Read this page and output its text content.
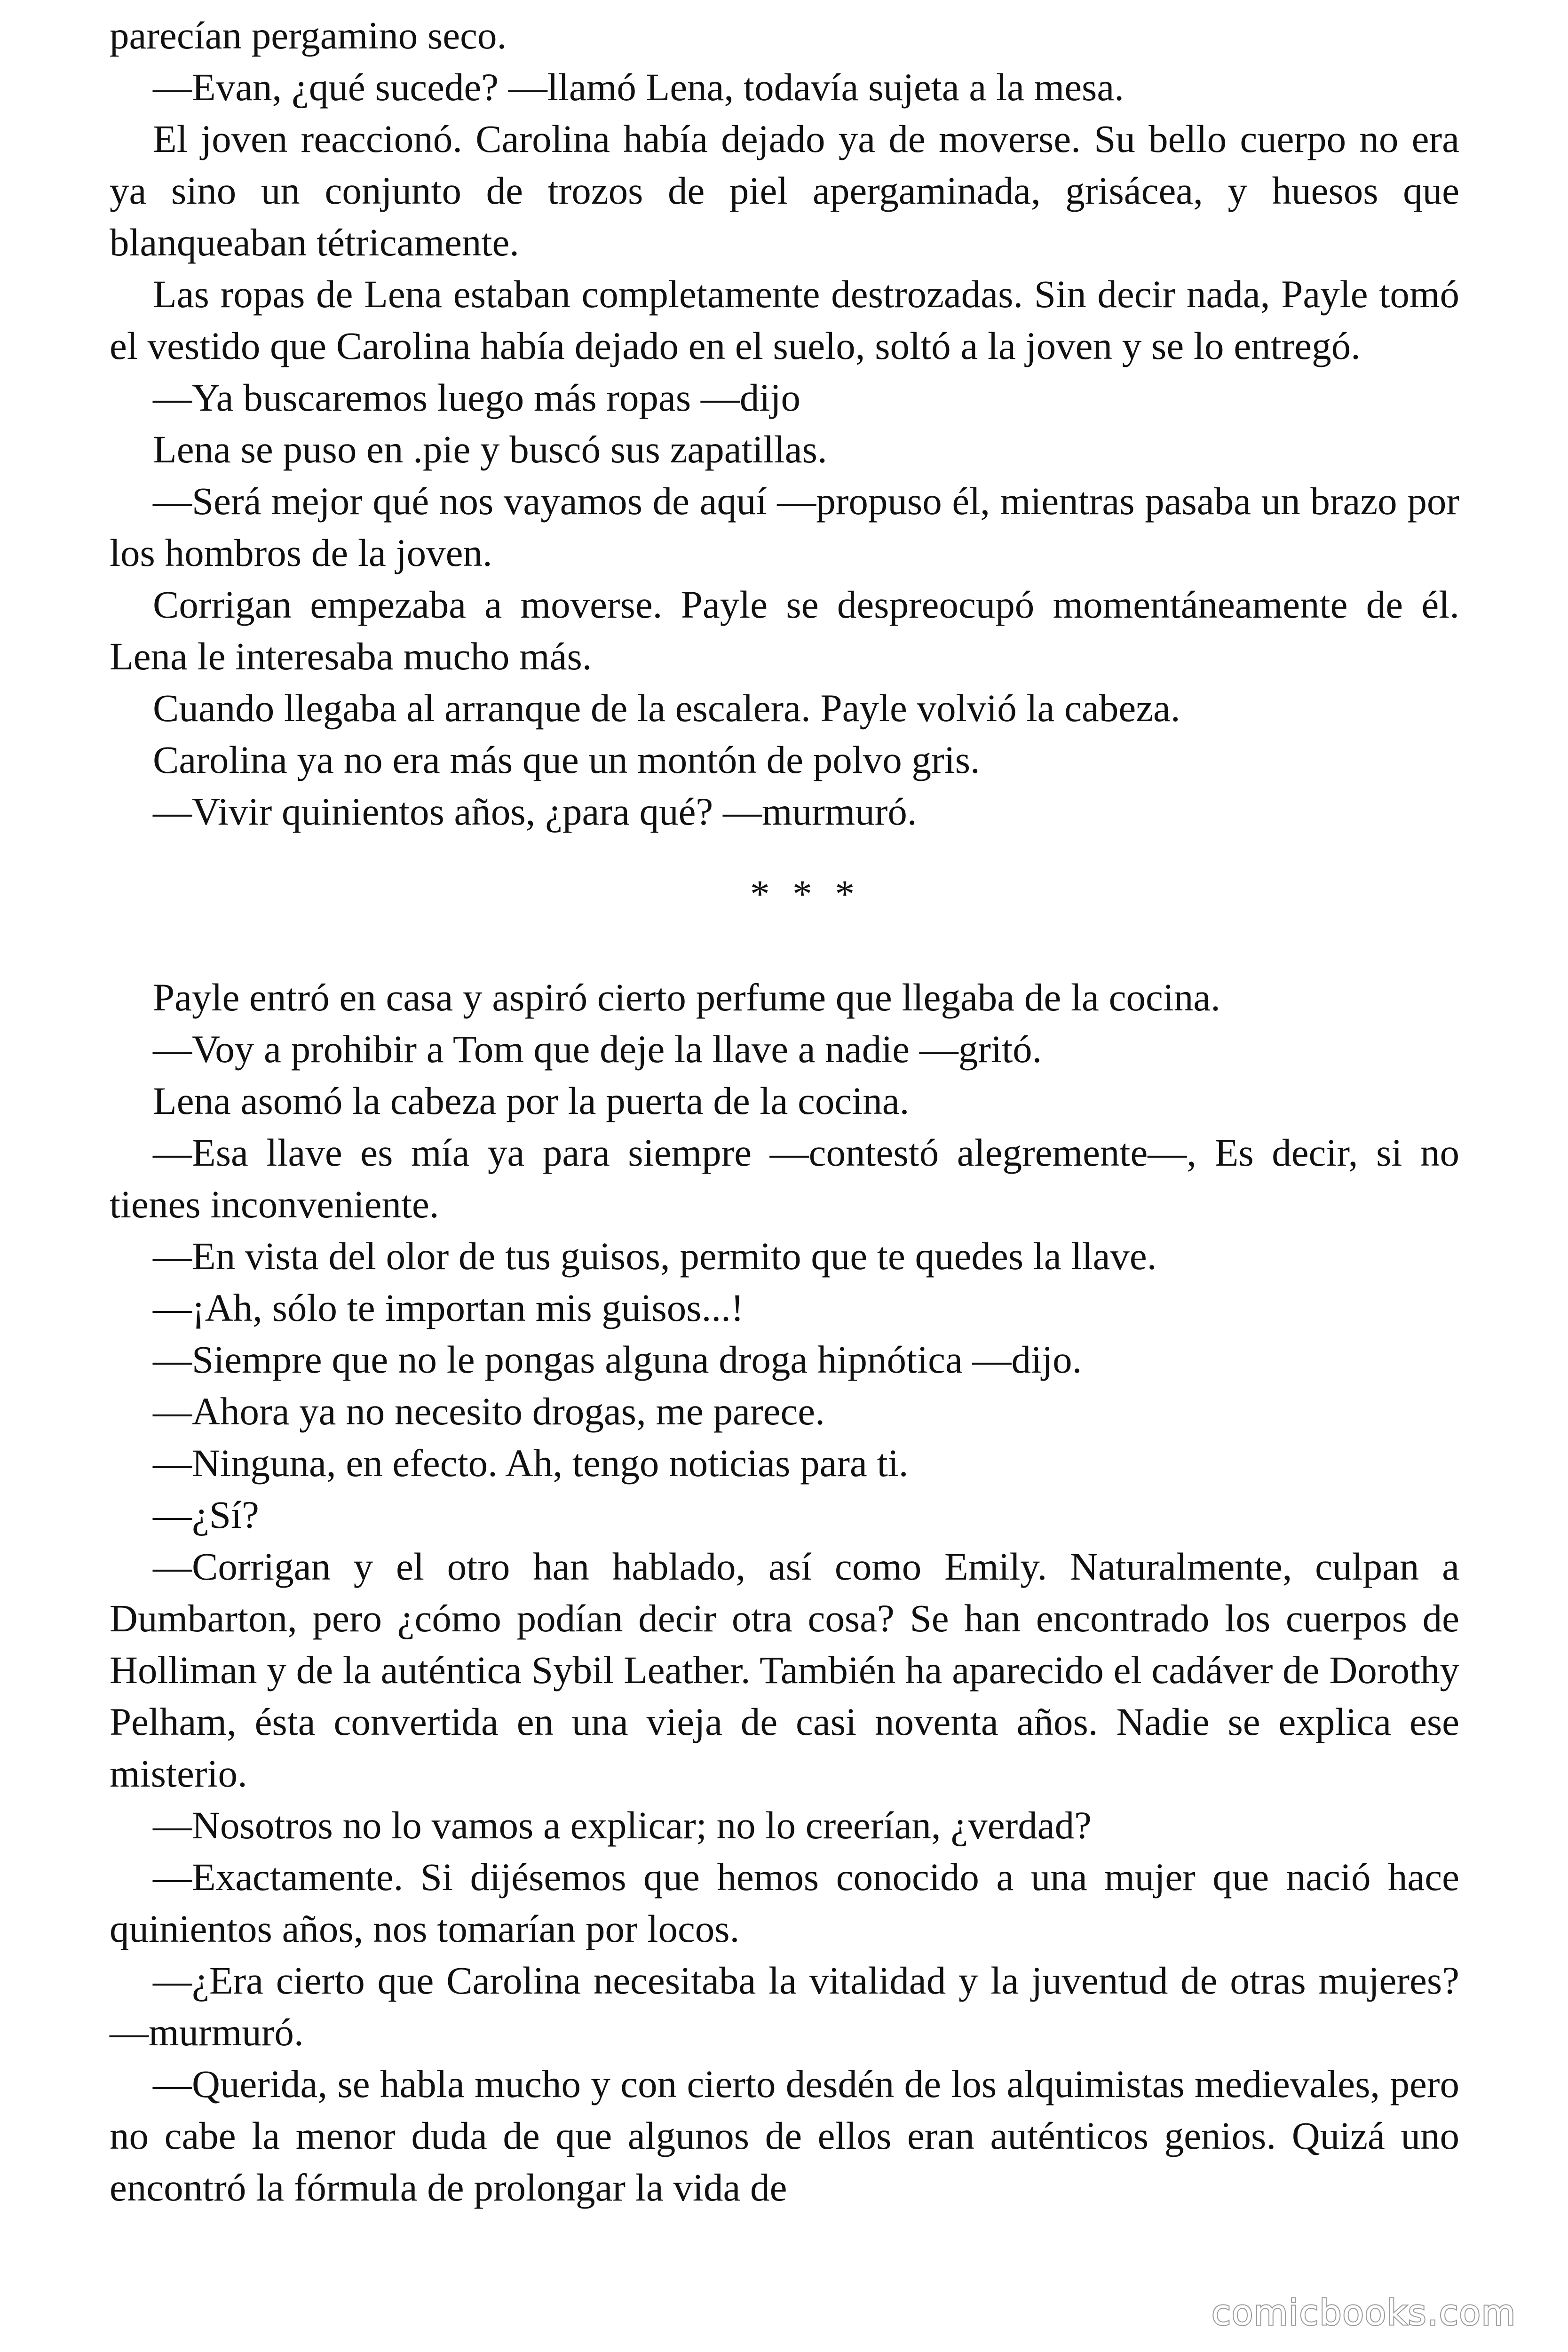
parecían pergamino seco.

—Evan, ¿qué sucede? —llamó Lena, todavía sujeta a la mesa.

El joven reaccionó. Carolina había dejado ya de moverse. Su bello cuerpo no era ya sino un conjunto de trozos de piel apergaminada, grisácea, y huesos que blanqueaban tétricamente.

Las ropas de Lena estaban completamente destrozadas. Sin decir nada, Payle tomó el vestido que Carolina había dejado en el suelo, soltó a la joven y se lo entregó.

—Ya buscaremos luego más ropas —dijo

Lena se puso en .pie y buscó sus zapatillas.

—Será mejor qué nos vayamos de aquí —propuso él, mientras pasaba un brazo por los hombros de la joven.

Corrigan empezaba a moverse. Payle se despreocupó momentáneamente de él. Lena le interesaba mucho más.

Cuando llegaba al arranque de la escalera. Payle volvió la cabeza.

Carolina ya no era más que un montón de polvo gris.

—Vivir quinientos años, ¿para qué? —murmuró.

* * *

Payle entró en casa y aspiró cierto perfume que llegaba de la cocina.

—Voy a prohibir a Tom que deje la llave a nadie —gritó.

Lena asomó la cabeza por la puerta de la cocina.

—Esa llave es mía ya para siempre —contestó alegremente—, Es decir, si no tienes inconveniente.

—En vista del olor de tus guisos, permito que te quedes la llave.

—¡Ah, sólo te importan mis guisos...!

—Siempre que no le pongas alguna droga hipnótica —dijo.

—Ahora ya no necesito drogas, me parece.

—Ninguna, en efecto. Ah, tengo noticias para ti.

—¿Sí?

—Corrigan y el otro han hablado, así como Emily. Naturalmente, culpan a Dumbarton, pero ¿cómo podían decir otra cosa? Se han encontrado los cuerpos de Holliman y de la auténtica Sybil Leather. También ha aparecido el cadáver de Dorothy Pelham, ésta convertida en una vieja de casi noventa años. Nadie se explica ese misterio.

—Nosotros no lo vamos a explicar; no lo creerían, ¿verdad?

—Exactamente. Si dijésemos que hemos conocido a una mujer que nació hace quinientos años, nos tomarían por locos.

—¿Era cierto que Carolina necesitaba la vitalidad y la juventud de otras mujeres? —murmuró.

—Querida, se habla mucho y con cierto desdén de los alquimistas medievales, pero no cabe la menor duda de que algunos de ellos eran auténticos genios. Quizá uno encontró la fórmula de prolongar la vida de

comicbooks.com
